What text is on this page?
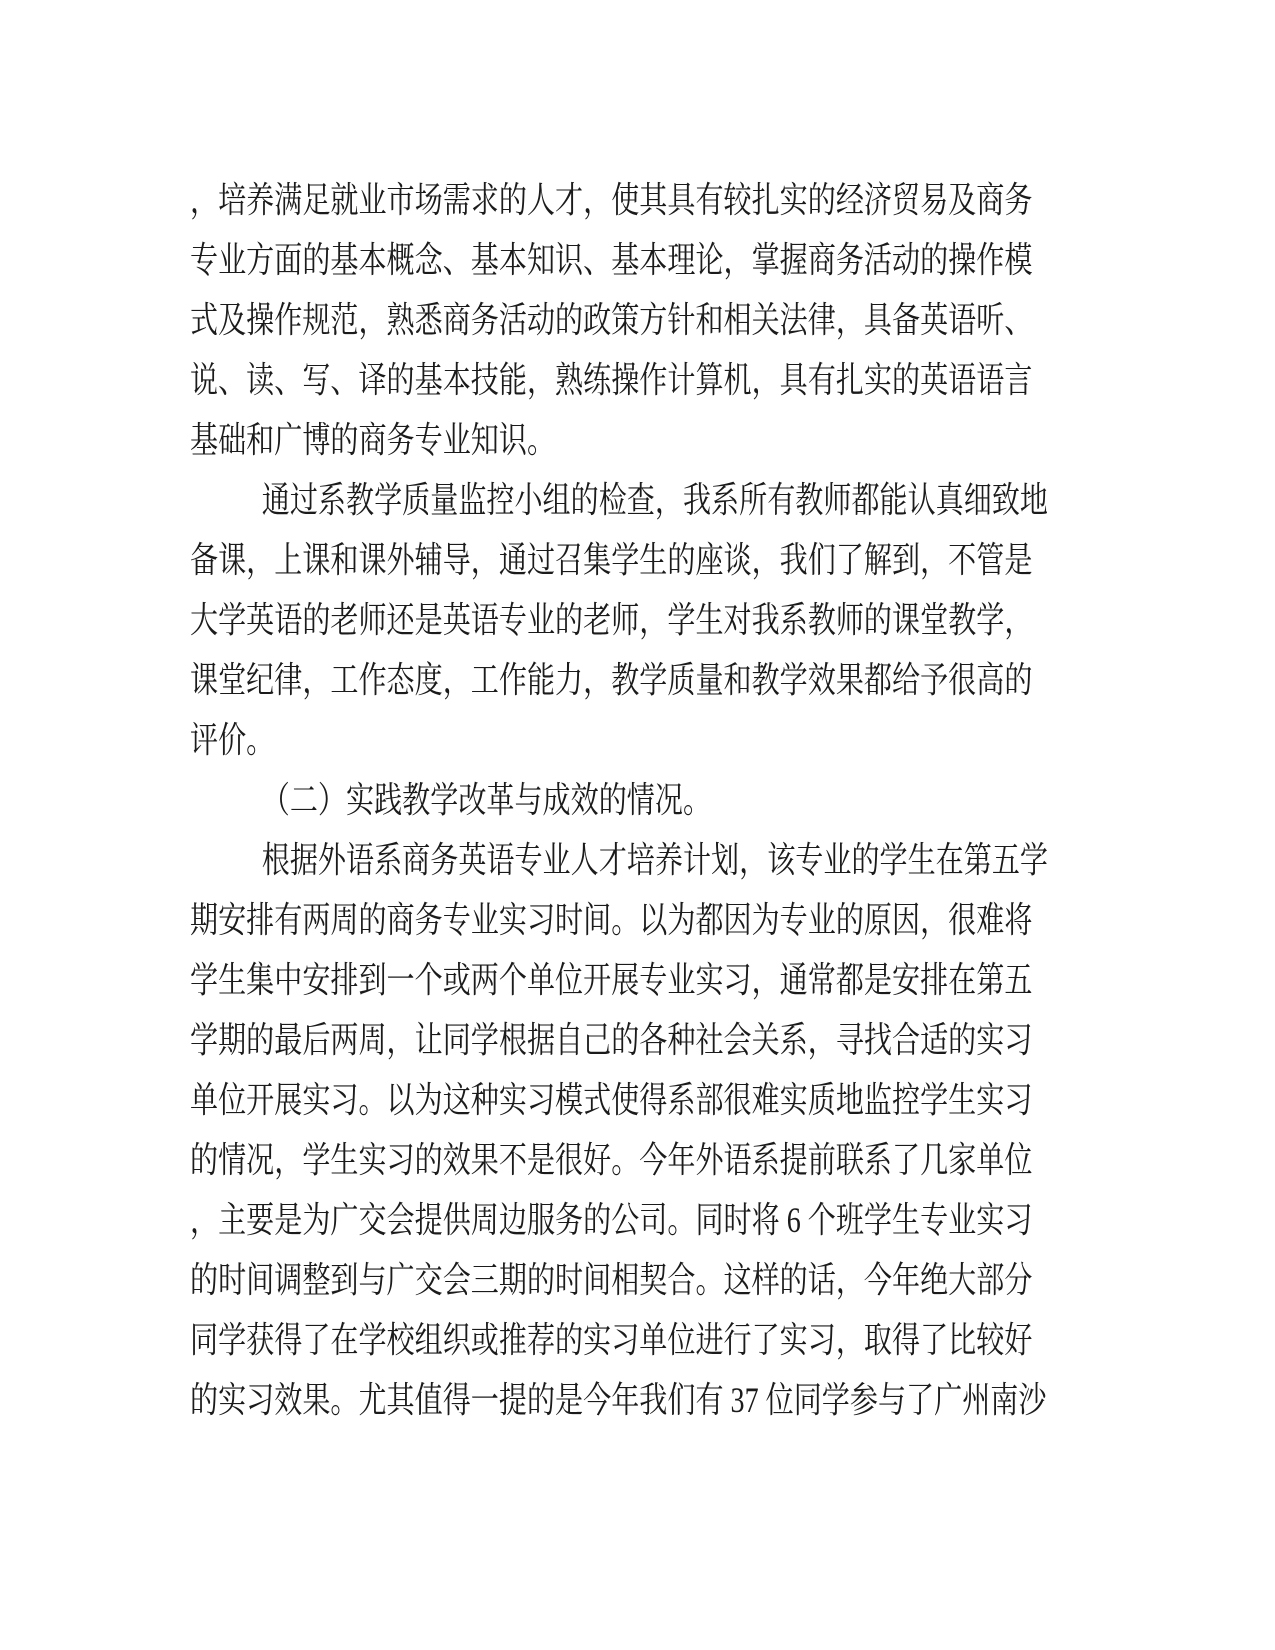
，培养满足就业市场需求的人才，使其具有较扎实的经济贸易及商务
专业方面的基本概念、基本知识、基本理论，掌握商务活动的操作模
式及操作规范，熟悉商务活动的政策方针和相关法律，具备英语听、
说、读、写、译的基本技能，熟练操作计算机，具有扎实的英语语言
基础和广博的商务专业知识。
通过系教学质量监控小组的检查，我系所有教师都能认真细致地
备课，上课和课外辅导，通过召集学生的座谈，我们了解到，不管是
大学英语的老师还是英语专业的老师，学生对我系教师的课堂教学，
课堂纪律，工作态度，工作能力，教学质量和教学效果都给予很高的
评价。
（二）实践教学改革与成效的情况。
根据外语系商务英语专业人才培养计划，该专业的学生在第五学
期安排有两周的商务专业实习时间。以为都因为专业的原因，很难将
学生集中安排到一个或两个单位开展专业实习，通常都是安排在第五
学期的最后两周，让同学根据自己的各种社会关系，寻找合适的实习
单位开展实习。以为这种实习模式使得系部很难实质地监控学生实习
的情况，学生实习的效果不是很好。今年外语系提前联系了几家单位
，主要是为广交会提供周边服务的公司。同时将 6 个班学生专业实习
的时间调整到与广交会三期的时间相契合。这样的话，今年绝大部分
同学获得了在学校组织或推荐的实习单位进行了实习，取得了比较好
的实习效果。尤其值得一提的是今年我们有 37 位同学参与了广州南沙
